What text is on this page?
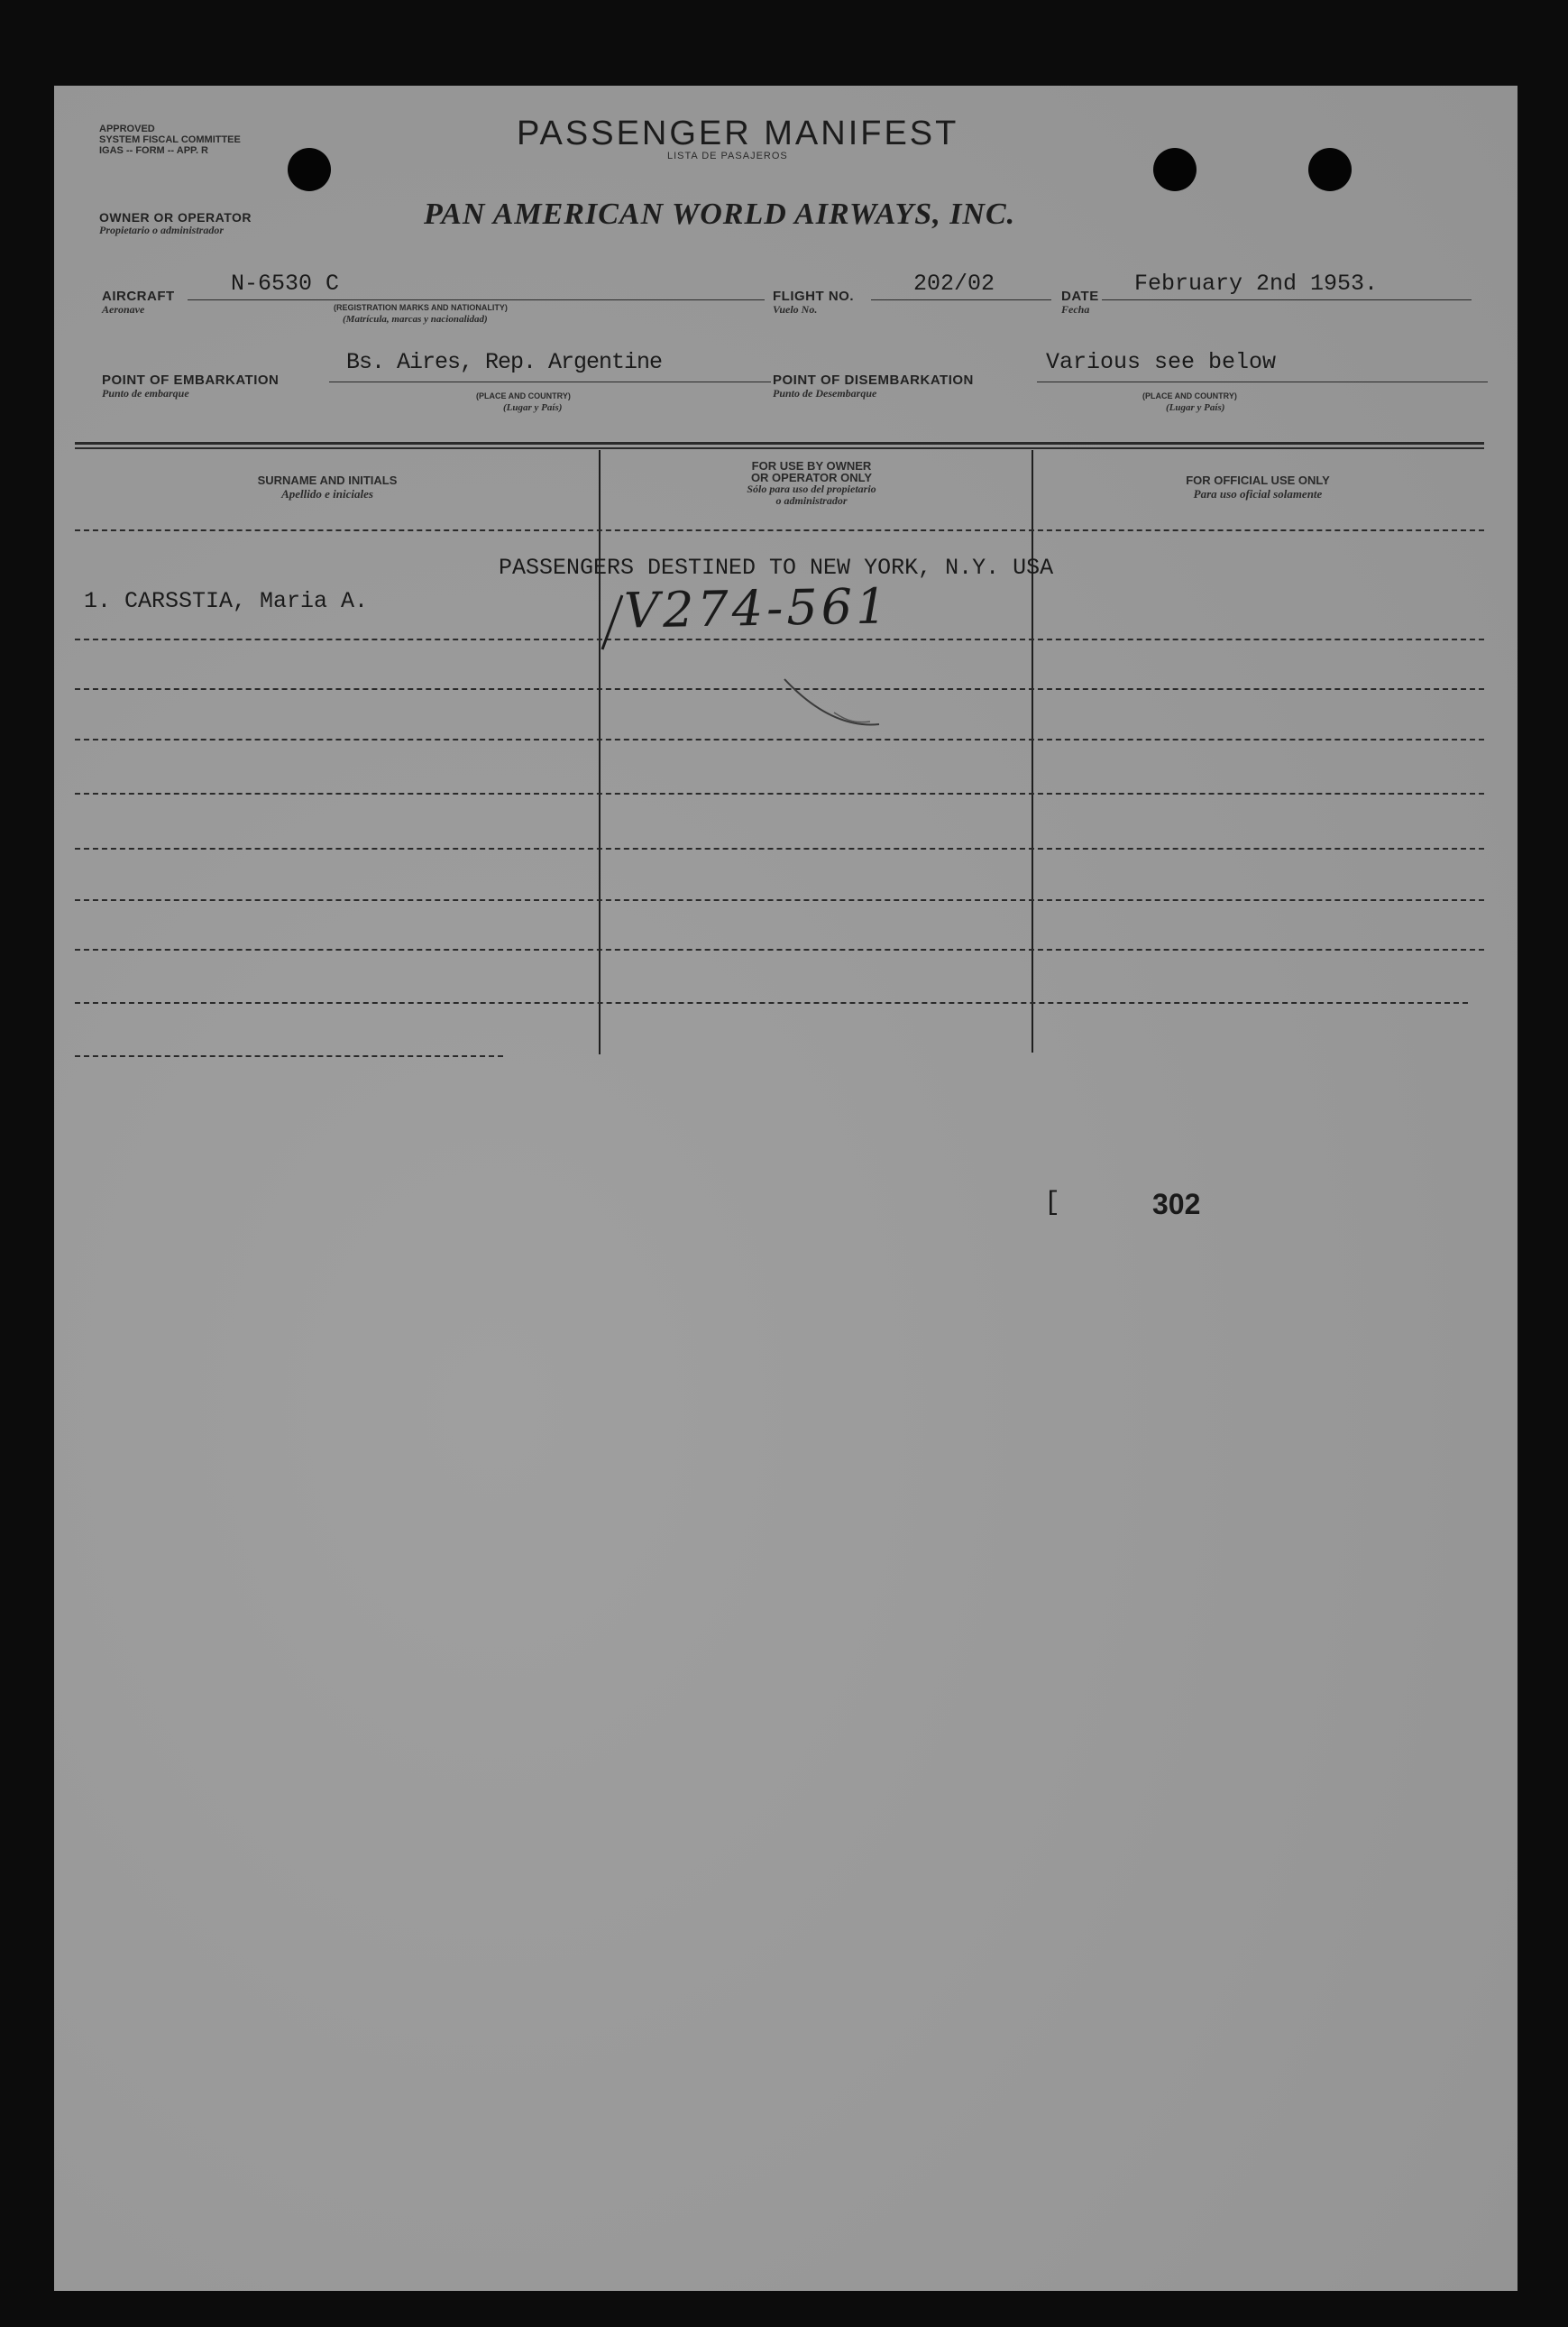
APPROVED
SYSTEM FISCAL COMMITTEE
IGAS -- FORM -- APP. R	PASSENGER MANIFEST
LISTA DE PASAJEROS
OWNER OR OPERATOR
Propietario o administrador	PAN AMERICAN WORLD AIRWAYS, INC.
AIRCRAFT
Aeronave
N-6530 C
(REGISTRATION MARKS AND NATIONALITY)
(Matrícula, marcas y nacionalidad)
FLIGHT NO.
Vuelo No.
202/02	DATE
Fecha
February 2nd 1953.
POINT OF EMBARKATION
Punto de embarque
Bs. Aires, Rep. Argentine
(PLACE AND COUNTRY)
(Lugar y País)
POINT OF DISEMBARKATION
Punto de Desembarque
Various see below
(PLACE AND COUNTRY)
(Lugar y País)
SURNAME AND INITIALS
Apellido e iniciales
FOR USE BY OWNER
OR OPERATOR ONLY
Sólo para uso del propietario
o administrador
FOR OFFICIAL USE ONLY
Para uso oficial solamente
PASSENGERS DESTINED TO NEW YORK, N.Y. USA
1. CARSSTIA, Maria A.	V274-561
[	302
